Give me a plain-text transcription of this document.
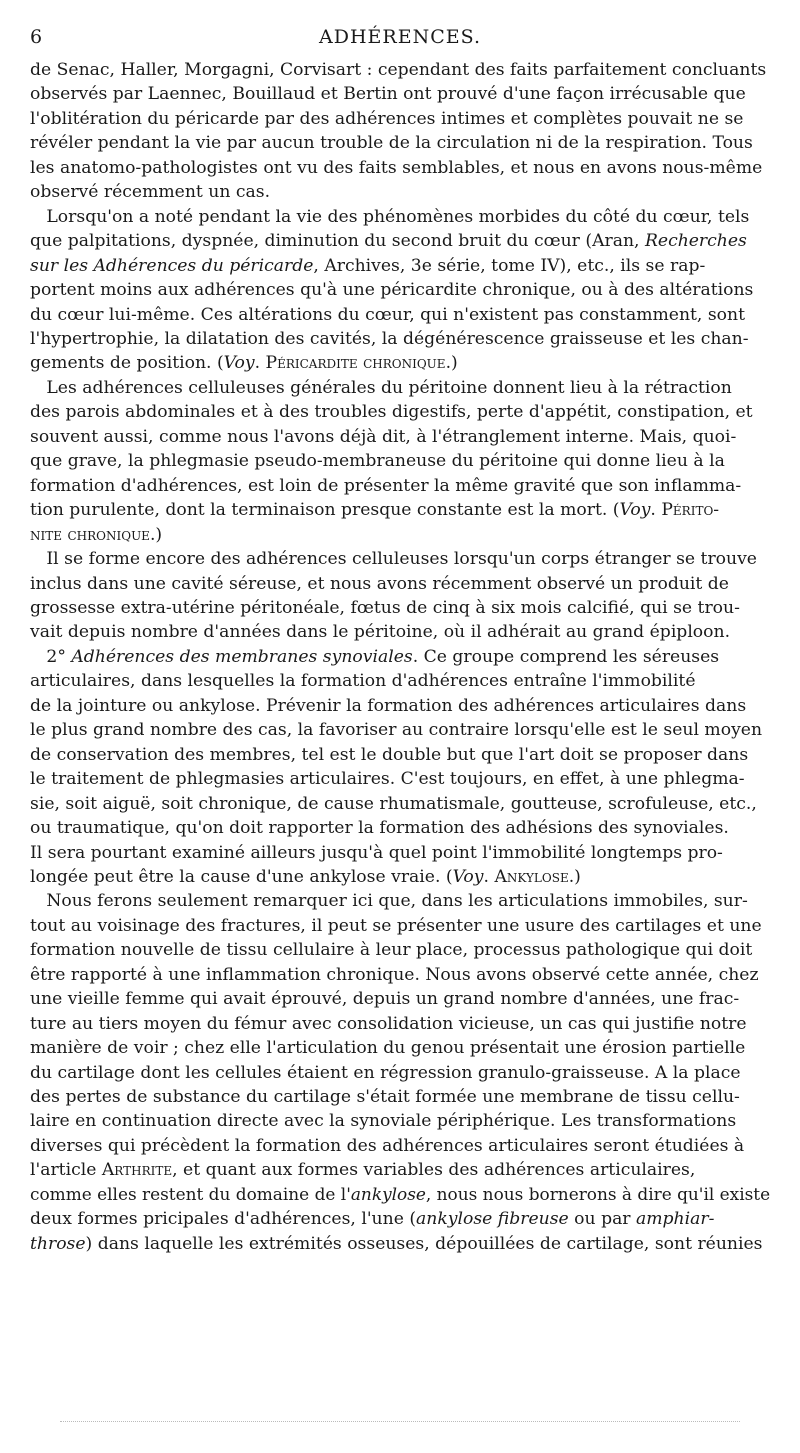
6	ADHÉRENCES.
de Senac, Haller, Morgagni, Corvisart : cependant des faits parfaitement concluants
observés par Laennec, Bouillaud et Bertin ont prouvé d'une façon irrécusable que
l'oblitération du péricarde par des adhérences intimes et complètes pouvait ne se
révéler pendant la vie par aucun trouble de la circulation ni de la respiration. Tous
les anatomo-pathologistes ont vu des faits semblables, et nous en avons nous-même
observé récemment un cas.
Lorsqu'on a noté pendant la vie des phénomènes morbides du côté du cœur, tels
que palpitations, dyspnée, diminution du second bruit du cœur (Aran, Recherches
sur les Adhérences du péricarde, Archives, 3e série, tome IV), etc., ils se rap-
portent moins aux adhérences qu'à une péricardite chronique, ou à des altérations
du cœur lui-même. Ces altérations du cœur, qui n'existent pas constamment, sont
l'hypertrophie, la dilatation des cavités, la dégénérescence graisseuse et les chan-
gements de position. (Voy. Péricardite chronique.)
Les adhérences celluleuses générales du péritoine donnent lieu à la rétraction
des parois abdominales et à des troubles digestifs, perte d'appétit, constipation, et
souvent aussi, comme nous l'avons déjà dit, à l'étranglement interne. Mais, quoi-
que grave, la phlegmasie pseudo-membraneuse du péritoine qui donne lieu à la
formation d'adhérences, est loin de présenter la même gravité que son inflamma-
tion purulente, dont la terminaison presque constante est la mort. (Voy. Périto-
nite chronique.)
Il se forme encore des adhérences celluleuses lorsqu'un corps étranger se trouve
inclus dans une cavité séreuse, et nous avons récemment observé un produit de
grossesse extra-utérine péritonéale, fœtus de cinq à six mois calcifié, qui se trou-
vait depuis nombre d'années dans le péritoine, où il adhérait au grand épiploon.
2° Adhérences des membranes synoviales. Ce groupe comprend les séreuses
articulaires, dans lesquelles la formation d'adhérences entraîne l'immobilité
de la jointure ou ankylose. Prévenir la formation des adhérences articulaires dans
le plus grand nombre des cas, la favoriser au contraire lorsqu'elle est le seul moyen
de conservation des membres, tel est le double but que l'art doit se proposer dans
le traitement de phlegmasies articulaires. C'est toujours, en effet, à une phlegma-
sie, soit aiguë, soit chronique, de cause rhumatismale, goutteuse, scrofuleuse, etc.,
ou traumatique, qu'on doit rapporter la formation des adhésions des synoviales.
Il sera pourtant examiné ailleurs jusqu'à quel point l'immobilité longtemps pro-
longée peut être la cause d'une ankylose vraie. (Voy. Ankylose.)
Nous ferons seulement remarquer ici que, dans les articulations immobiles, sur-
tout au voisinage des fractures, il peut se présenter une usure des cartilages et une
formation nouvelle de tissu cellulaire à leur place, processus pathologique qui doit
être rapporté à une inflammation chronique. Nous avons observé cette année, chez
une vieille femme qui avait éprouvé, depuis un grand nombre d'années, une frac-
ture au tiers moyen du fémur avec consolidation vicieuse, un cas qui justifie notre
manière de voir ; chez elle l'articulation du genou présentait une érosion partielle
du cartilage dont les cellules étaient en régression granulo-graisseuse. A la place
des pertes de substance du cartilage s'était formée une membrane de tissu cellu-
laire en continuation directe avec la synoviale périphérique. Les transformations
diverses qui précèdent la formation des adhérences articulaires seront étudiées à
l'article Arthrite, et quant aux formes variables des adhérences articulaires,
comme elles restent du domaine de l'ankylose, nous nous bornerons à dire qu'il existe
deux formes pricipales d'adhérences, l'une (ankylose fibreuse ou par amphiar-
throse) dans laquelle les extrémités osseuses, dépouillées de cartilage, sont réunies
